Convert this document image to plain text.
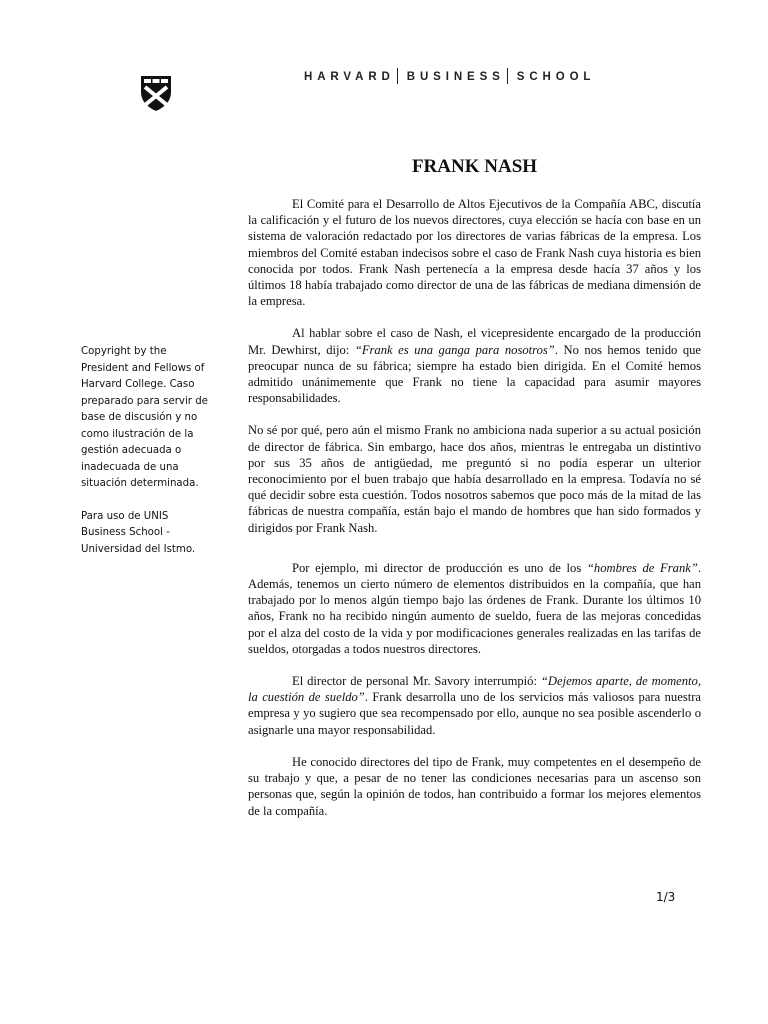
HARVARD BUSINESS SCHOOL
FRANK NASH

Copyright by the President and Fellows of Harvard College. Caso preparado para servir de base de discusión y no como ilustración de la gestión adecuada o inadecuada de una situación determinada.

Para uso de UNIS Business School - Universidad del Istmo.

El Comité para el Desarrollo de Altos Ejecutivos de la Compañía ABC, discutía la calificación y el futuro de los nuevos directores, cuya elección se hacía con base en un sistema de valoración redactado por los directores de varias fábricas de la empresa. Los miembros del Comité estaban indecisos sobre el caso de Frank Nash cuya historia es bien conocida por todos. Frank Nash pertenecía a la empresa desde hacía 37 años y los últimos 18 había trabajado como director de una de las fábricas de mediana dimensión de la empresa.

Al hablar sobre el caso de Nash, el vicepresidente encargado de la producción Mr. Dewhirst, dijo: “Frank es una ganga para nosotros”. No nos hemos tenido que preocupar nunca de su fábrica; siempre ha estado bien dirigida. En el Comité hemos admitido unánimemente que Frank no tiene la capacidad para asumir mayores responsabilidades.

No sé por qué, pero aún el mismo Frank no ambiciona nada superior a su actual posición de director de fábrica. Sin embargo, hace dos años, mientras le entregaba un distintivo por sus 35 años de antigüedad, me preguntó si no podía esperar un ulterior reconocimiento por el buen trabajo que había desarrollado en la empresa. Todavía no sé qué decidir sobre esta cuestión. Todos nosotros sabemos que poco más de la mitad de las fábricas de nuestra compañía, están bajo el mando de hombres que han sido formados y dirigidos por Frank Nash.

Por ejemplo, mi director de producción es uno de los “hombres de Frank”. Además, tenemos un cierto número de elementos distribuidos en la compañía, que han trabajado por lo menos algún tiempo bajo las órdenes de Frank. Durante los últimos 10 años, Frank no ha recibido ningún aumento de sueldo, fuera de las mejoras concedidas por el alza del costo de la vida y por modificaciones generales realizadas en las tarifas de sueldos, otorgadas a todos nuestros directores.

El director de personal Mr. Savory interrumpió: “Dejemos aparte, de momento, la cuestión de sueldo”. Frank desarrolla uno de los servicios más valiosos para nuestra empresa y yo sugiero que sea recompensado por ello, aunque no sea posible ascenderlo o asignarle una mayor responsabilidad.

He conocido directores del tipo de Frank, muy competentes en el desempeño de su trabajo y que, a pesar de no tener las condiciones necesarias para un ascenso son personas que, según la opinión de todos, han contribuido a formar los mejores elementos de la compañía.

1/3
